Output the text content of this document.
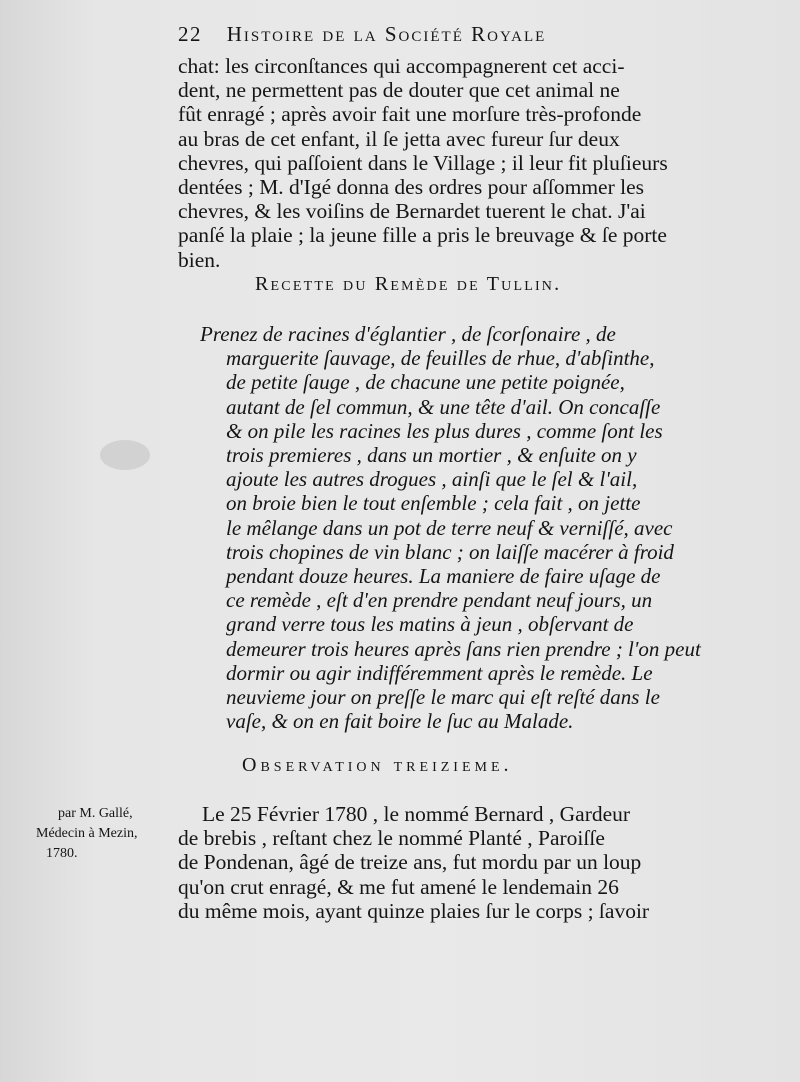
22 Histoire de la Société Royale
chat: les circonſtances qui accompagnerent cet acci-
dent, ne permettent pas de douter que cet animal ne
fût enragé ; après avoir fait une morſure très-profonde
au bras de cet enfant, il ſe jetta avec fureur ſur deux
chevres, qui paſſoient dans le Village ; il leur fit pluſieurs
dentées ; M. d'Igé donna des ordres pour aſſommer les
chevres, & les voiſins de Bernardet tuerent le chat. J'ai
panſé la plaie ; la jeune fille a pris le breuvage & ſe porte
bien.
Recette du Remède de Tullin.
Prenez de racines d'églantier , de ſcorſonaire , de
marguerite ſauvage, de feuilles de rhue, d'abſinthe,
de petite ſauge , de chacune une petite poignée,
autant de ſel commun, & une tête d'ail. On concaſſe
& on pile les racines les plus dures , comme ſont les
trois premieres , dans un mortier , & enſuite on y
ajoute les autres drogues , ainſi que le ſel & l'ail,
on broie bien le tout enſemble ; cela fait , on jette
le mêlange dans un pot de terre neuf & verniſſé, avec
trois chopines de vin blanc ; on laiſſe macérer à froid
pendant douze heures. La maniere de faire uſage de
ce remède , eſt d'en prendre pendant neuf jours, un
grand verre tous les matins à jeun , obſervant de
demeurer trois heures après ſans rien prendre ; l'on peut
dormir ou agir indifféremment après le remède. Le
neuvieme jour on preſſe le marc qui eſt reſté dans le
vaſe, & on en fait boire le ſuc au Malade.
Observation treizieme.
par M. Gallé,
Médecin à Mezin,
1780.
Le 25 Février 1780 , le nommé Bernard , Gardeur
de brebis , reſtant chez le nommé Planté , Paroiſſe
de Pondenan, âgé de treize ans, fut mordu par un loup
qu'on crut enragé, & me fut amené le lendemain 26
du même mois, ayant quinze plaies ſur le corps ; ſavoir
